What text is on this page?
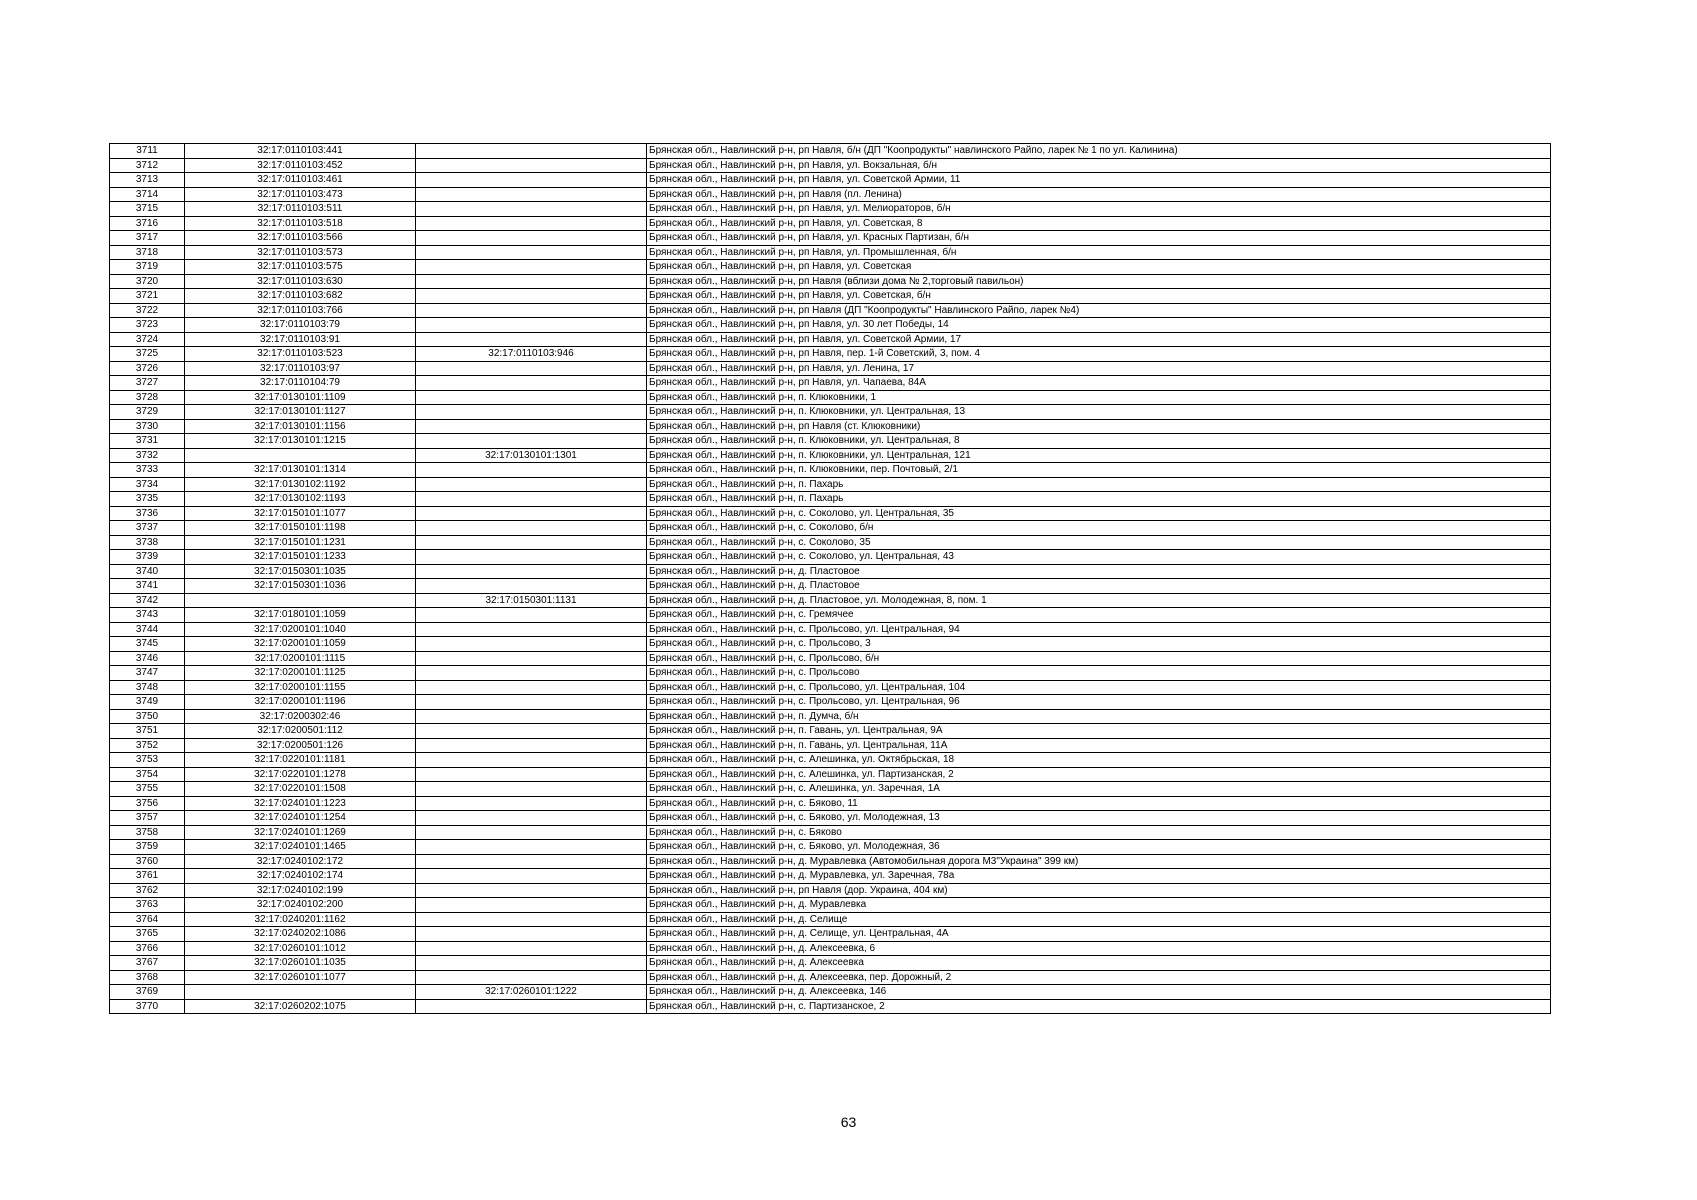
3711	32:17:0110103:441		Брянская обл., Навлинский р-н, рп Навля, б/н (ДП "Коопродукты" навлинского Райпо, ларек № 1 по ул. Калинина)
3712	32:17:0110103:452		Брянская обл., Навлинский р-н, рп Навля, ул. Вокзальная, б/н
3713	32:17:0110103:461		Брянская обл., Навлинский р-н, рп Навля, ул. Советской Армии, 11
3714	32:17:0110103:473		Брянская обл., Навлинский р-н, рп Навля (пл. Ленина)
3715	32:17:0110103:511		Брянская обл., Навлинский р-н, рп Навля, ул. Мелиораторов, б/н
3716	32:17:0110103:518		Брянская обл., Навлинский р-н, рп Навля, ул. Советская, 8
3717	32:17:0110103:566		Брянская обл., Навлинский р-н, рп Навля, ул. Красных Партизан, б/н
3718	32:17:0110103:573		Брянская обл., Навлинский р-н, рп Навля, ул. Промышленная, б/н
3719	32:17:0110103:575		Брянская обл., Навлинский р-н, рп Навля, ул. Советская
3720	32:17:0110103:630		Брянская обл., Навлинский р-н, рп Навля (вблизи дома № 2,торговый павильон)
3721	32:17:0110103:682		Брянская обл., Навлинский р-н, рп Навля, ул. Советская, б/н
3722	32:17:0110103:766		Брянская обл., Навлинский р-н, рп Навля (ДП "Коопродукты" Навлинского Райпо, ларек №4)
3723	32:17:0110103:79		Брянская обл., Навлинский р-н, рп Навля, ул. 30 лет Победы, 14
3724	32:17:0110103:91		Брянская обл., Навлинский р-н, рп Навля, ул. Советской Армии, 17
3725	32:17:0110103:523	32:17:0110103:946	Брянская обл., Навлинский р-н, рп Навля, пер. 1-й Советский, 3, пом. 4
3726	32:17:0110103:97		Брянская обл., Навлинский р-н, рп Навля, ул. Ленина, 17
3727	32:17:0110104:79		Брянская обл., Навлинский р-н, рп Навля, ул. Чапаева, 84А
3728	32:17:0130101:1109		Брянская обл., Навлинский р-н, п. Клюковники, 1
3729	32:17:0130101:1127		Брянская обл., Навлинский р-н, п. Клюковники, ул. Центральная, 13
3730	32:17:0130101:1156		Брянская обл., Навлинский р-н, рп Навля (ст. Клюковники)
3731	32:17:0130101:1215		Брянская обл., Навлинский р-н, п. Клюковники, ул. Центральная, 8
3732		32:17:0130101:1301	Брянская обл., Навлинский р-н, п. Клюковники, ул. Центральная, 121
3733	32:17:0130101:1314		Брянская обл., Навлинский р-н, п. Клюковники, пер. Почтовый, 2/1
3734	32:17:0130102:1192		Брянская обл., Навлинский р-н, п. Пахарь
3735	32:17:0130102:1193		Брянская обл., Навлинский р-н, п. Пахарь
3736	32:17:0150101:1077		Брянская обл., Навлинский р-н, с. Соколово, ул. Центральная, 35
3737	32:17:0150101:1198		Брянская обл., Навлинский р-н, с. Соколово, б/н
3738	32:17:0150101:1231		Брянская обл., Навлинский р-н, с. Соколово, 35
3739	32:17:0150101:1233		Брянская обл., Навлинский р-н, с. Соколово, ул. Центральная, 43
3740	32:17:0150301:1035		Брянская обл., Навлинский р-н, д. Пластовое
3741	32:17:0150301:1036		Брянская обл., Навлинский р-н, д. Пластовое
3742		32:17:0150301:1131	Брянская обл., Навлинский р-н, д. Пластовое, ул. Молодежная, 8, пом. 1
3743	32:17:0180101:1059		Брянская обл., Навлинский р-н, с. Гремячее
3744	32:17:0200101:1040		Брянская обл., Навлинский р-н, с. Прольсово, ул. Центральная, 94
3745	32:17:0200101:1059		Брянская обл., Навлинский р-н, с. Прольсово, 3
3746	32:17:0200101:1115		Брянская обл., Навлинский р-н, с. Прольсово, б/н
3747	32:17:0200101:1125		Брянская обл., Навлинский р-н, с. Прольсово
3748	32:17:0200101:1155		Брянская обл., Навлинский р-н, с. Прольсово, ул. Центральная, 104
3749	32:17:0200101:1196		Брянская обл., Навлинский р-н, с. Прольсово, ул. Центральная, 96
3750	32:17:0200302:46		Брянская обл., Навлинский р-н, п. Думча, б/н
3751	32:17:0200501:112		Брянская обл., Навлинский р-н, п. Гавань, ул. Центральная, 9А
3752	32:17:0200501:126		Брянская обл., Навлинский р-н, п. Гавань, ул. Центральная, 11А
3753	32:17:0220101:1181		Брянская обл., Навлинский р-н, с. Алешинка, ул. Октябрьская, 18
3754	32:17:0220101:1278		Брянская обл., Навлинский р-н, с. Алешинка, ул. Партизанская, 2
3755	32:17:0220101:1508		Брянская обл., Навлинский р-н, с. Алешинка, ул. Заречная, 1А
3756	32:17:0240101:1223		Брянская обл., Навлинский р-н, с. Бяково, 11
3757	32:17:0240101:1254		Брянская обл., Навлинский р-н, с. Бяково, ул. Молодежная, 13
3758	32:17:0240101:1269		Брянская обл., Навлинский р-н, с. Бяково
3759	32:17:0240101:1465		Брянская обл., Навлинский р-н, с. Бяково, ул. Молодежная, 36
3760	32:17:0240102:172		Брянская обл., Навлинский р-н, д. Муравлевка (Автомобильная дорога М3"Украина" 399 км)
3761	32:17:0240102:174		Брянская обл., Навлинский р-н, д. Муравлевка, ул. Заречная, 78а
3762	32:17:0240102:199		Брянская обл., Навлинский р-н, рп Навля (дор. Украина, 404 км)
3763	32:17:0240102:200		Брянская обл., Навлинский р-н, д. Муравлевка
3764	32:17:0240201:1162		Брянская обл., Навлинский р-н, д. Селище
3765	32:17:0240202:1086		Брянская обл., Навлинский р-н, д. Селище, ул. Центральная, 4А
3766	32:17:0260101:1012		Брянская обл., Навлинский р-н, д. Алексеевка, 6
3767	32:17:0260101:1035		Брянская обл., Навлинский р-н, д. Алексеевка
3768	32:17:0260101:1077		Брянская обл., Навлинский р-н, д. Алексеевка, пер. Дорожный, 2
3769		32:17:0260101:1222	Брянская обл., Навлинский р-н, д. Алексеевка, 146
3770	32:17:0260202:1075		Брянская обл., Навлинский р-н, с. Партизанское, 2
63
